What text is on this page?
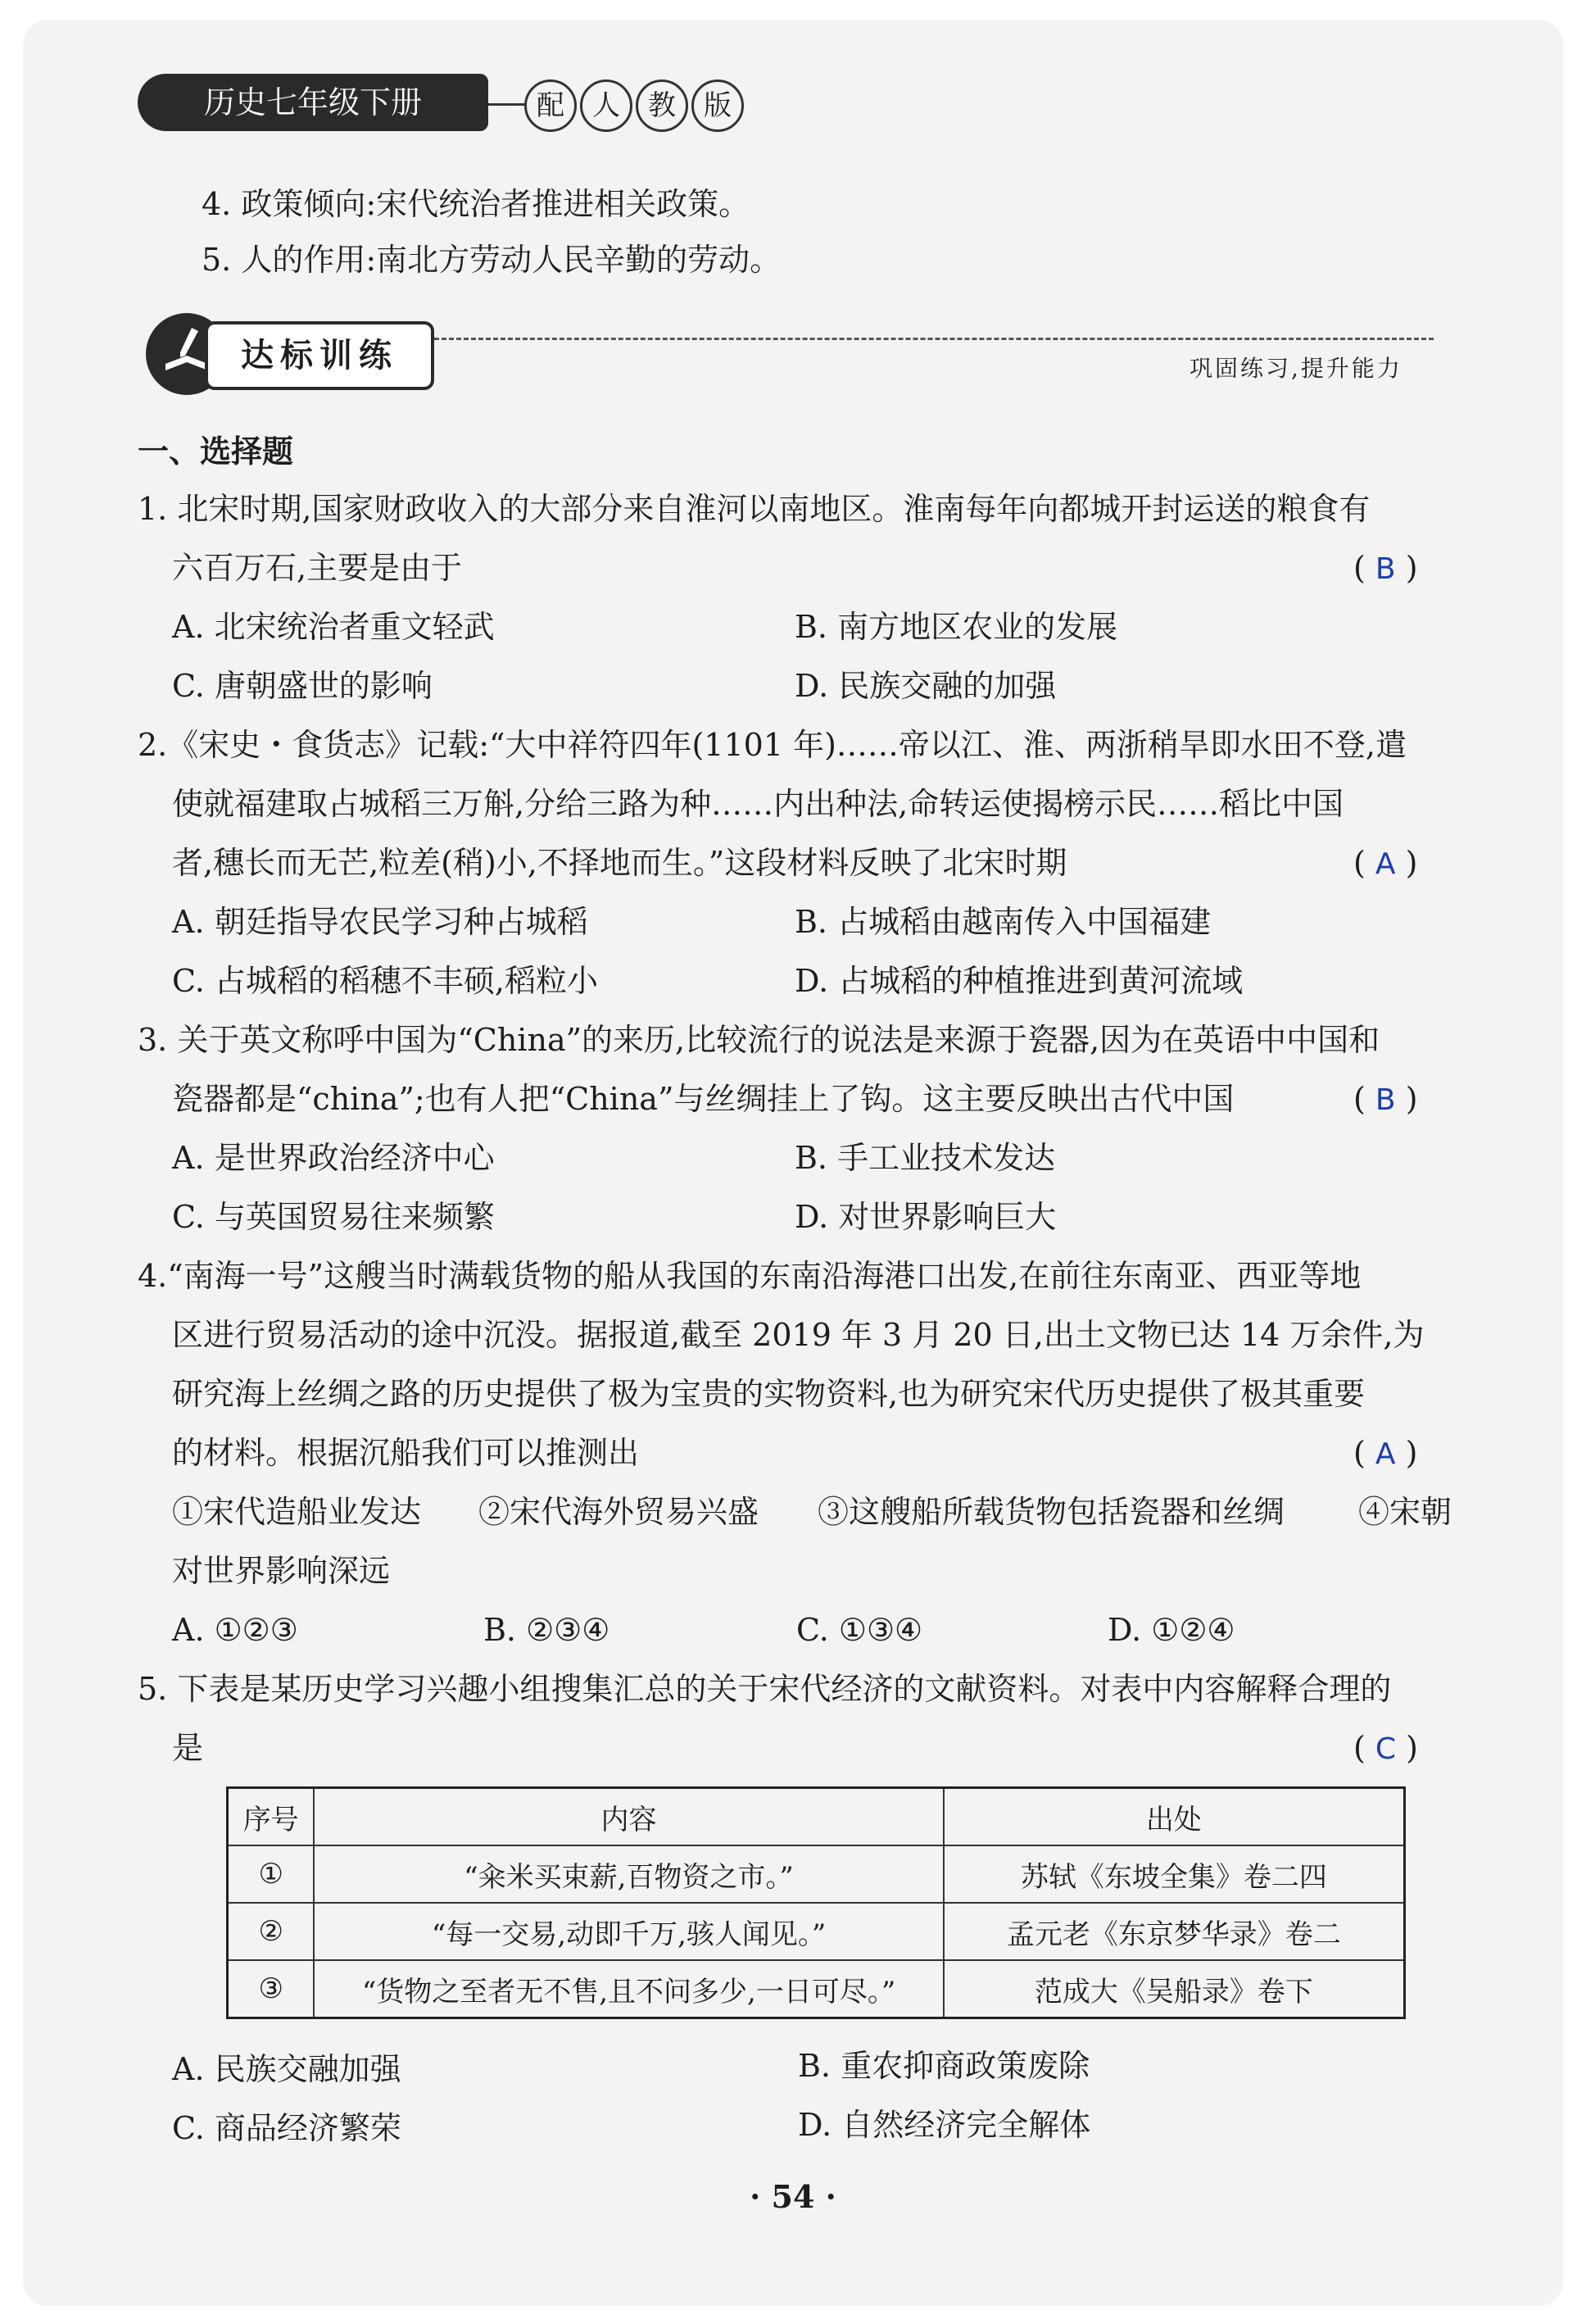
历史七年级下册	配	人	教	版
4. 政策倾向:宋代统治者推进相关政策。
5. 人的作用:南北方劳动人民辛勤的劳动。
达标训练	巩固练习,提升能力
一、选择题
1. 北宋时期,国家财政收入的大部分来自淮河以南地区。淮南每年向都城开封运送的粮食有
六百万石,主要是由于	( B )
A. 北宋统治者重文轻武	B. 南方地区农业的发展
C. 唐朝盛世的影响	D. 民族交融的加强
2.《宋史・食货志》记载:“大中祥符四年(1101 年)……帝以江、淮、两浙稍旱即水田不登,遣
使就福建取占城稻三万斛,分给三路为种……内出种法,命转运使揭榜示民……稻比中国
者,穗长而无芒,粒差(稍)小,不择地而生。”这段材料反映了北宋时期	( A )
A. 朝廷指导农民学习种占城稻	B. 占城稻由越南传入中国福建
C. 占城稻的稻穗不丰硕,稻粒小	D. 占城稻的种植推进到黄河流域
3. 关于英文称呼中国为“China”的来历,比较流行的说法是来源于瓷器,因为在英语中中国和
瓷器都是“china”;也有人把“China”与丝绸挂上了钩。这主要反映出古代中国	( B )
A. 是世界政治经济中心	B. 手工业技术发达
C. 与英国贸易往来频繁	D. 对世界影响巨大
4.“南海一号”这艘当时满载货物的船从我国的东南沿海港口出发,在前往东南亚、西亚等地
区进行贸易活动的途中沉没。据报道,截至 2019 年 3 月 20 日,出土文物已达 14 万余件,为
研究海上丝绸之路的历史提供了极为宝贵的实物资料,也为研究宋代历史提供了极其重要
的材料。根据沉船我们可以推测出	( A )
①宋代造船业发达 ②宋代海外贸易兴盛 ③这艘船所载货物包括瓷器和丝绸 ④宋朝
对世界影响深远
A. ①②③	B. ②③④	C. ①③④	D. ①②④
5. 下表是某历史学习兴趣小组搜集汇总的关于宋代经济的文献资料。对表中内容解释合理的
是	( C )
序号	内容	出处
①	“籴米买束薪,百物资之市。”	苏轼《东坡全集》卷二四
②	“每一交易,动即千万,骇人闻见。”	孟元老《东京梦华录》卷二
③	“货物之至者无不售,且不问多少,一日可尽。”	范成大《吴船录》卷下
A. 民族交融加强	B. 重农抑商政策废除
C. 商品经济繁荣	D. 自然经济完全解体
· 54 ·
